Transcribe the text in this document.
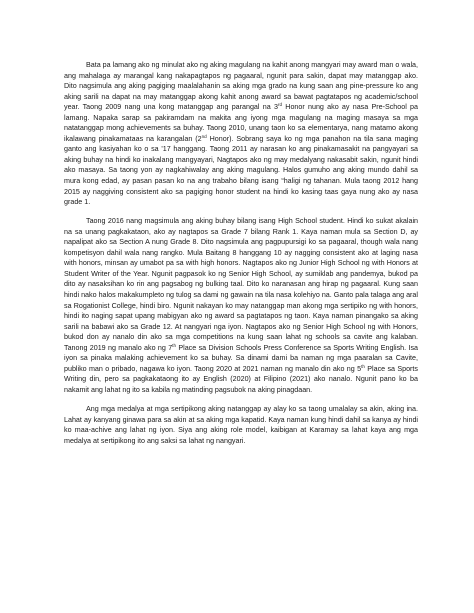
Bata pa lamang ako ng minulat ako ng aking magulang na kahit anong mangyari may award man o wala, ang mahalaga ay marangal kang nakapagtapos ng pagaaral, ngunit para sakin, dapat may matanggap ako. Dito nagsimula ang aking pagiging maalalahanin sa aking mga grado na kung saan ang pine-pressure ko ang aking sarili na dapat na may matanggap akong kahit anong award sa bawat pagtatapos ng academic/school year. Taong 2009 nang una kong matanggap ang parangal na 3rd Honor nung ako ay nasa Pre-School pa lamang. Napaka sarap sa pakiramdam na makita ang iyong mga magulang na maging masaya sa mga natatanggap mong achievements sa buhay. Taong 2010, unang taon ko sa elementarya, nang matamo akong ikalawang pinakamataas na karangalan (2nd Honor). Sobrang saya ko ng mga panahon na tila sana maging ganto ang kasiyahan ko o sa '17 hanggang. Taong 2011 ay narasan ko ang pinakamasakit na pangyayari sa aking buhay na hindi ko inakalang mangyayari, Nagtapos ako ng may medalyang nakasabit sakin, ngunit hindi ako masaya. Sa taong yon ay nagkahiwalay ang aking magulang. Halos gumuho ang aking mundo dahil sa mura kong edad, ay pasan pasan ko na ang trabaho bilang isang “haligi ng tahanan. Mula taong 2012 hang 2015 ay naggiving consistent ako sa pagiging honor student na hindi ko kasing taas gaya nung ako ay nasa grade 1.

Taong 2016 nang magsimula ang aking buhay bilang isang High School student. Hindi ko sukat akalain na sa unang pagkakataon, ako ay nagtapos sa Grade 7 bilang Rank 1. Kaya naman mula sa Section D, ay napalipat ako sa Section A nung Grade 8. Dito nagsimula ang pagpupursigi ko sa pagaaral, though wala nang kompetisyon dahil wala nang rangko. Mula Baitang 8 hanggang 10 ay nagging consistent ako at laging nasa with honors, minsan ay umabot pa sa with high honors. Nagtapos ako ng Junior High School ng with Honors at Student Writer of the Year. Ngunit pagpasok ko ng Senior High School, ay sumiklab ang pandemya, bukod pa dito ay nasaksihan ko rin ang pagsabog ng bulking taal. Dito ko naranasan ang hirap ng pagaaral. Kung saan hindi nako halos makakumpleto ng tulog sa dami ng gawain na tila nasa kolehiyo na. Ganto pala talaga ang aral sa Rogationist College, hindi biro. Ngunit nakayan ko may natanggap man akong mga sertipiko ng with honors, hindi ito naging sapat upang mabigyan ako ng award sa pagtatapos ng taon. Kaya naman pinangako sa aking sarili na babawi ako sa Grade 12. At nangyari nga iyon. Nagtapos ako ng Senior High School ng with Honors, bukod don ay nanalo din ako sa mga competitions na kung saan lahat ng schools sa cavite ang kalaban. Tanong 2019 ng manalo ako ng 7th Place sa Division Schools Press Conference sa Sports Writing English. Isa iyon sa pinaka malaking achievement ko sa buhay. Sa dinami dami ba naman ng mga paaralan sa Cavite, publiko man o pribado, nagawa ko iyon. Taong 2020 at 2021 naman ng manalo din ako ng 5th Place sa Sports Writing din, pero sa pagkakataong ito ay English (2020) at Filipino (2021) ako nanalo. Ngunit pano ko ba nakamit ang lahat ng ito sa kabila ng matinding pagsubok na aking pinagdaan.

Ang mga medalya at mga sertipikong aking natanggap ay alay ko sa taong umalalay sa akin, aking ina. Lahat ay kanyang ginawa para sa akin at sa aking mga kapatid. Kaya naman kung hindi dahil sa kanya ay hindi ko maa-achive ang lahat ng iyon. Siya ang aking role model, kaibigan at Karamay sa lahat kaya ang mga medalya at sertipikong ito ang saksi sa lahat ng nangyari.
